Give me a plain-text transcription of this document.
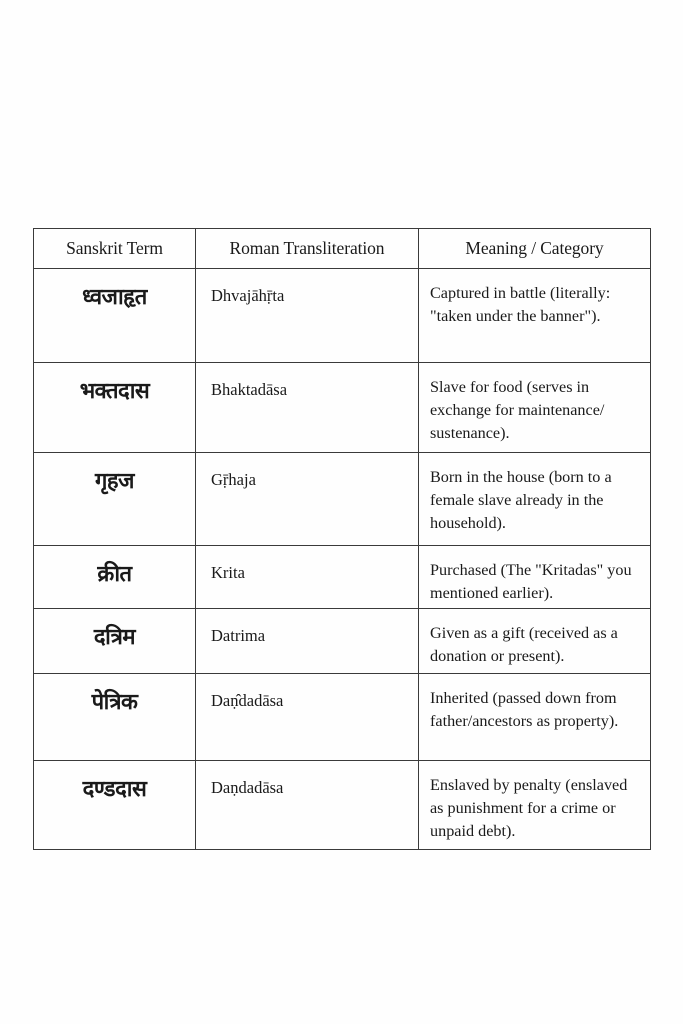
Sanskrit Term	Roman Transliteration	Meaning / Category
ध्वजाहृत	Dhvajāhṝta	Captured in battle (literally: "taken under the banner").
भक्तदास	Bhaktadāsa	Slave for food (serves in exchange for maintenance/ sustenance).
गृहज	Gṝhaja	Born in the house (born to a female slave already in the household).
क्रीत	Krita	Purchased (The "Kritadas" you mentioned earlier).
दत्रिम	Datrima	Given as a gift (received as a donation or present).
पेत्रिक	Daṇ̂dadāsa	Inherited (passed down from father/ancestors as property).
दण्डदास	Daṇdadāsa	Enslaved by penalty (enslaved as punishment for a crime or unpaid debt).
